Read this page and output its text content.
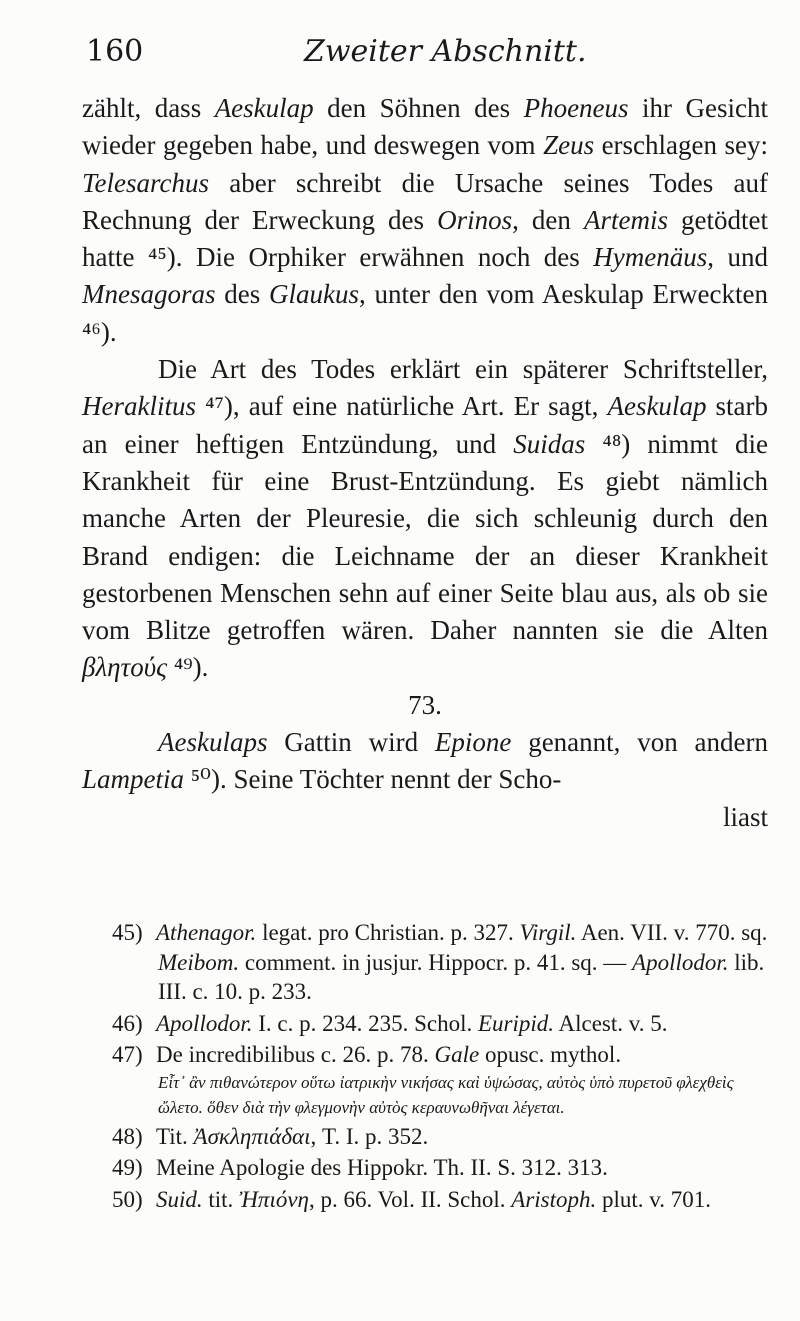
160	Zweiter Abschnitt.

zählt, dass Aeskulap den Söhnen des Phoeneus ihr Gesicht wieder gegeben habe, und deswegen vom Zeus erschlagen sey: Telesarchus aber schreibt die Ursache seines Todes auf Rechnung der Erweckung des Orinos, den Artemis getödtet hatte ⁴⁵). Die Orphiker erwähnen noch des Hymenäus, und Mnesagoras des Glaukus, unter den vom Aeskulap Erweckten ⁴⁶).

Die Art des Todes erklärt ein späterer Schriftsteller, Heraklitus ⁴⁷), auf eine natürliche Art. Er sagt, Aeskulap starb an einer heftigen Entzündung, und Suidas ⁴⁸) nimmt die Krankheit für eine Brust-Entzündung. Es giebt nämlich manche Arten der Pleuresie, die sich schleunig durch den Brand endigen: die Leichname der an dieser Krankheit gestorbenen Menschen sehn auf einer Seite blau aus, als ob sie vom Blitze getroffen wären. Daher nannten sie die Alten βλητούς ⁴⁹).

73.

Aeskulaps Gattin wird Epione genannt, von andern Lampetia ⁵⁰). Seine Töchter nennt der Scho-

liast

45) Athenagor. legat. pro Christian. p. 327. Virgil. Aen. VII. v. 770. sq. Meibom. comment. in jusjur. Hippocr. p. 41. sq. — Apollodor. lib. III. c. 10. p. 233.

46) Apollodor. I. c. p. 234. 235. Schol. Euripid. Alcest. v. 5.

47) De incredibilibus c. 26. p. 78. Gale opusc. mythol.
Εἶτ᾽ ἂν πιθανώτερον οὕτω ἰατρικὴν νικήσας καὶ ὑψώσας, αὐτὸς ὑπὸ πυρετοῦ φλεχθεὶς ὤλετο. ὅθεν διὰ τὴν φλεγμονὴν αὐτὸς κεραυνωθῆναι λέγεται.

48) Tit. Ἀσκληπιάδαι, T. I. p. 352.

49) Meine Apologie des Hippokr. Th. II. S. 312. 313.

50) Suid. tit. Ἠπιόνη, p. 66. Vol. II. Schol. Aristoph. plut. v. 701.
